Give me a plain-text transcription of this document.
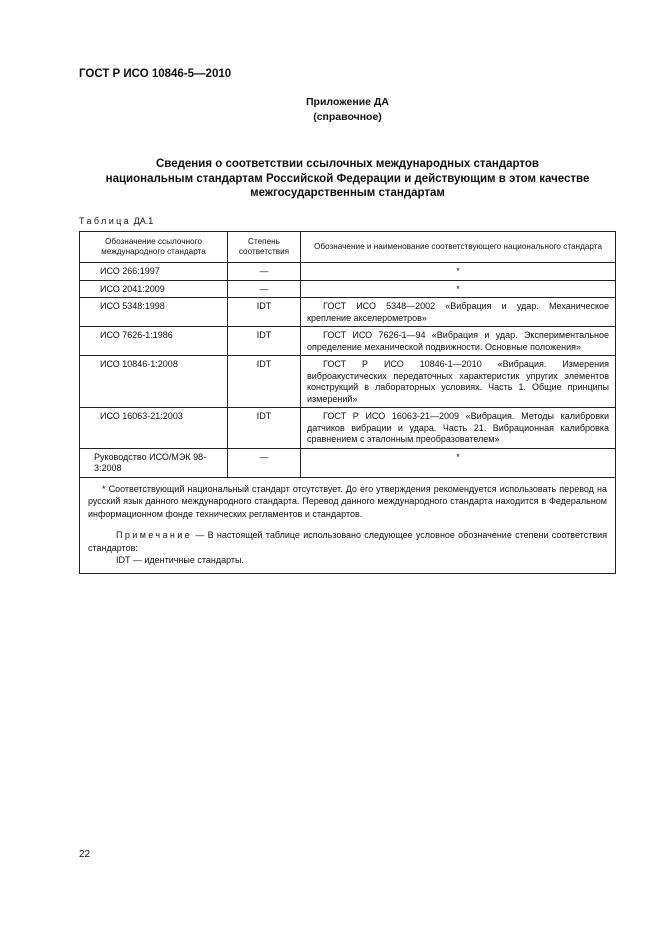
ГОСТ Р ИСО 10846-5—2010
Приложение ДА
(справочное)
Сведения о соответствии ссылочных международных стандартов
национальным стандартам Российской Федерации и действующим в этом качестве
межгосударственным стандартам
Таблица ДА.1
Обозначение ссылочного международного стандарта	Степень соответствия	Обозначение и наименование соответствующего национального стандарта
ИСО 266:1997	—	*
ИСО 2041:2009	—	*
ИСО 5348:1998	IDT	ГОСТ ИСО 5348—2002 «Вибрация и удар. Механическое крепление акселерометров»

ИСО 7626-1:1986	IDT	ГОСТ ИСО 7626-1—94 «Вибрация и удар. Экспериментальное определение механической подвижности. Основные положения»

ИСО 10846-1:2008	IDT	ГОСТ Р ИСО 10846-1—2010 «Вибрация. Измерения виброакустических передаточных характеристик упругих элементов конструкций в лабораторных условиях. Часть 1. Общие принципы измерений»

ИСО 16063-21:2003	IDT	ГОСТ Р ИСО 16063-21—2009 «Вибрация. Методы калибровки датчиков вибрации и удара. Часть 21. Вибрационная калибровка сравнением с эталонным преобразователем»

Руководство ИСО/МЭК 98-3:2008	—	*

* Соответствующий национальный стандарт отсутствует. До его утверждения рекомендуется использовать перевод на русский язык данного международного стандарта. Перевод данного международного стандарта находится в Федеральном информационном фонде технических регламентов и стандартов.
Примечание — В настоящей таблице использовано следующее условное обозначение степени соответствия стандартов:
IDT — идентичные стандарты.		
22
